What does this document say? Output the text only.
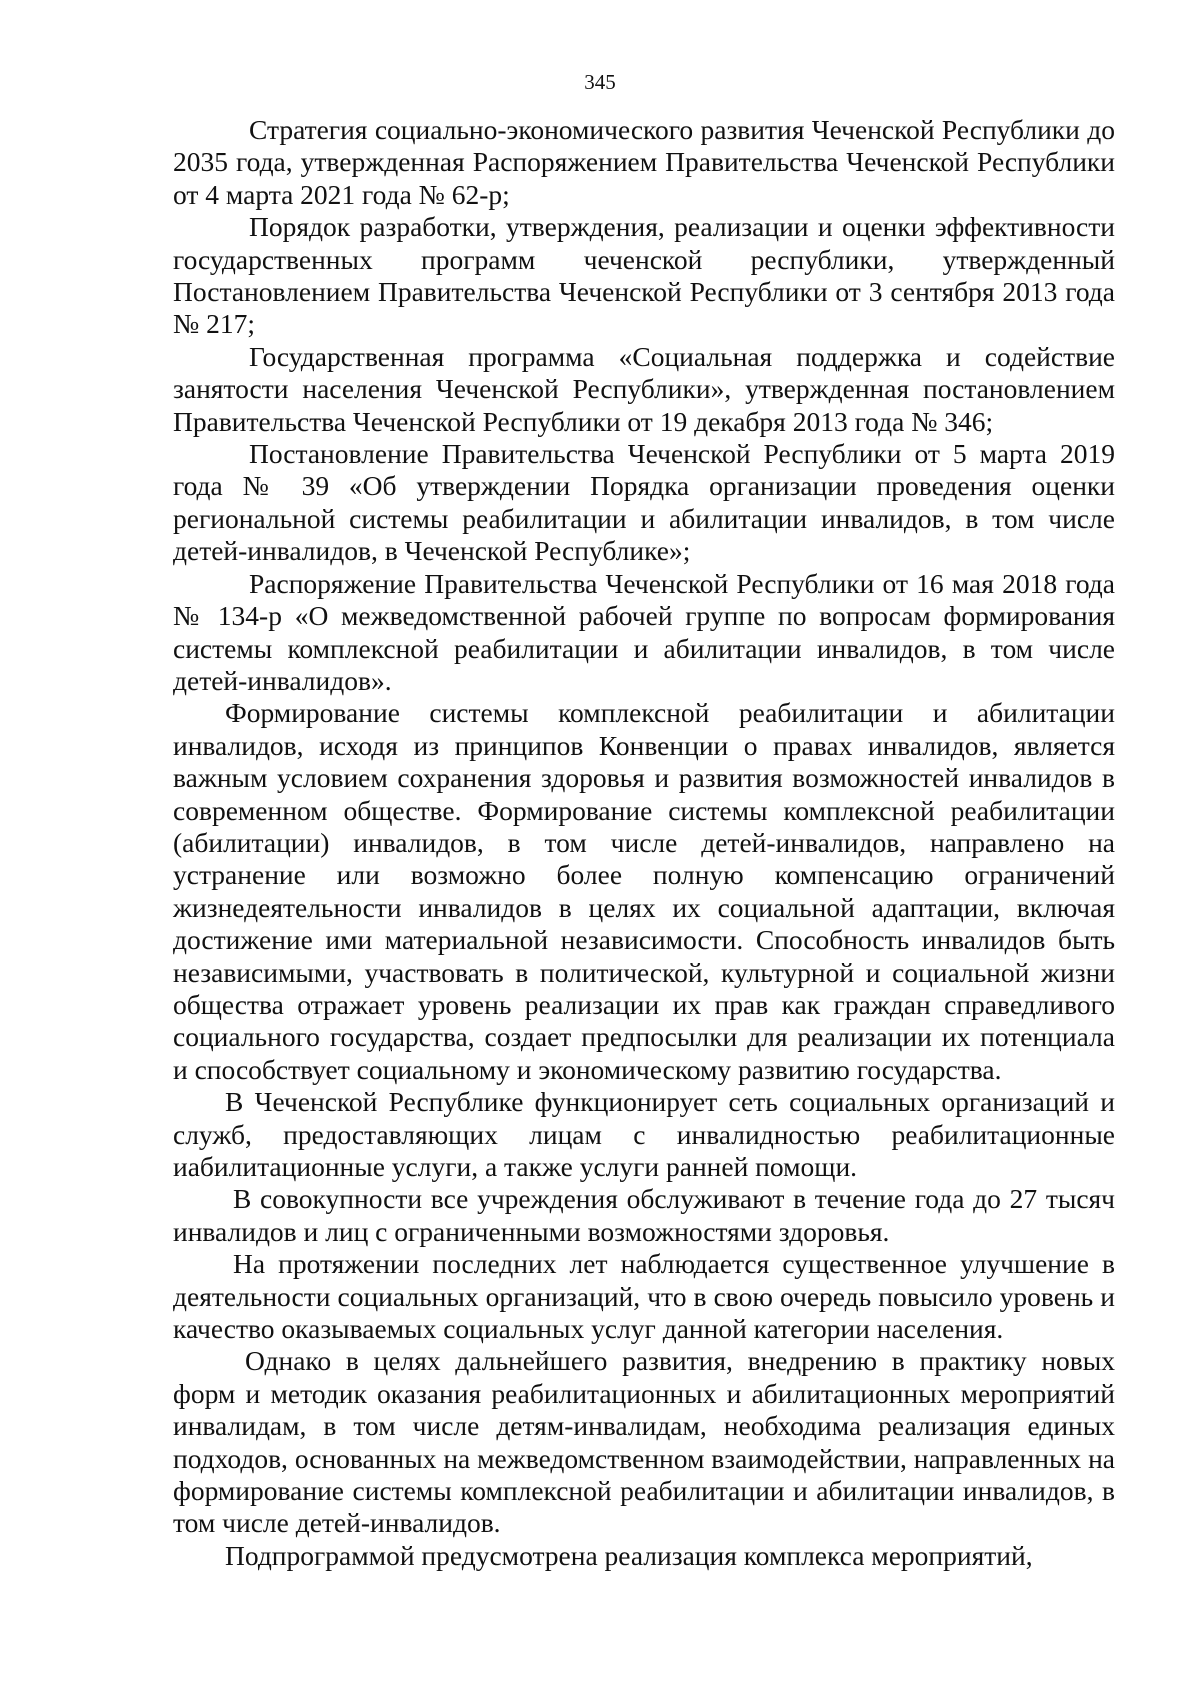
345

Стратегия социально-экономического развития Чеченской Республики до 2035 года, утвержденная Распоряжением Правительства Чеченской Республики от 4 марта 2021 года № 62-р;

Порядок разработки, утверждения, реализации и оценки эффективности государственных программ чеченской республики, утвержденный Постановлением Правительства Чеченской Республики от 3 сентября 2013 года № 217;

Государственная программа «Социальная поддержка и содействие занятости населения Чеченской Республики», утвержденная постановлением Правительства Чеченской Республики от 19 декабря 2013 года № 346;

Постановление Правительства Чеченской Республики от 5 марта 2019 года № 39 «Об утверждении Порядка организации проведения оценки региональной системы реабилитации и абилитации инвалидов, в том числе детей-инвалидов, в Чеченской Республике»;

Распоряжение Правительства Чеченской Республики от 16 мая 2018 года № 134-р «О межведомственной рабочей группе по вопросам формирования системы комплексной реабилитации и абилитации инвалидов, в том числе детей-инвалидов».

Формирование системы комплексной реабилитации и абилитации инвалидов, исходя из принципов Конвенции о правах инвалидов, является важным условием сохранения здоровья и развития возможностей инвалидов в современном обществе. Формирование системы комплексной реабилитации (абилитации) инвалидов, в том числе детей-инвалидов, направлено на устранение или возможно более полную компенсацию ограничений жизнедеятельности инвалидов в целях их социальной адаптации, включая достижение ими материальной независимости. Способность инвалидов быть независимыми, участвовать в политической, культурной и социальной жизни общества отражает уровень реализации их прав как граждан справедливого социального государства, создает предпосылки для реализации их потенциала и способствует социальному и экономическому развитию государства.

В Чеченской Республике функционирует сеть социальных организаций и служб, предоставляющих лицам с инвалидностью реабилитационные иабилитационные услуги, а также услуги ранней помощи.

В совокупности все учреждения обслуживают в течение года до 27 тысяч инвалидов и лиц с ограниченными возможностями здоровья.

На протяжении последних лет наблюдается существенное улучшение в деятельности социальных организаций, что в свою очередь повысило уровень и качество оказываемых социальных услуг данной категории населения.

Однако в целях дальнейшего развития, внедрению в практику новых форм и методик оказания реабилитационных и абилитационных мероприятий инвалидам, в том числе детям-инвалидам, необходима реализация единых подходов, основанных на межведомственном взаимодействии, направленных на формирование системы комплексной реабилитации и абилитации инвалидов, в том числе детей-инвалидов.

Подпрограммой предусмотрена реализация комплекса мероприятий,
